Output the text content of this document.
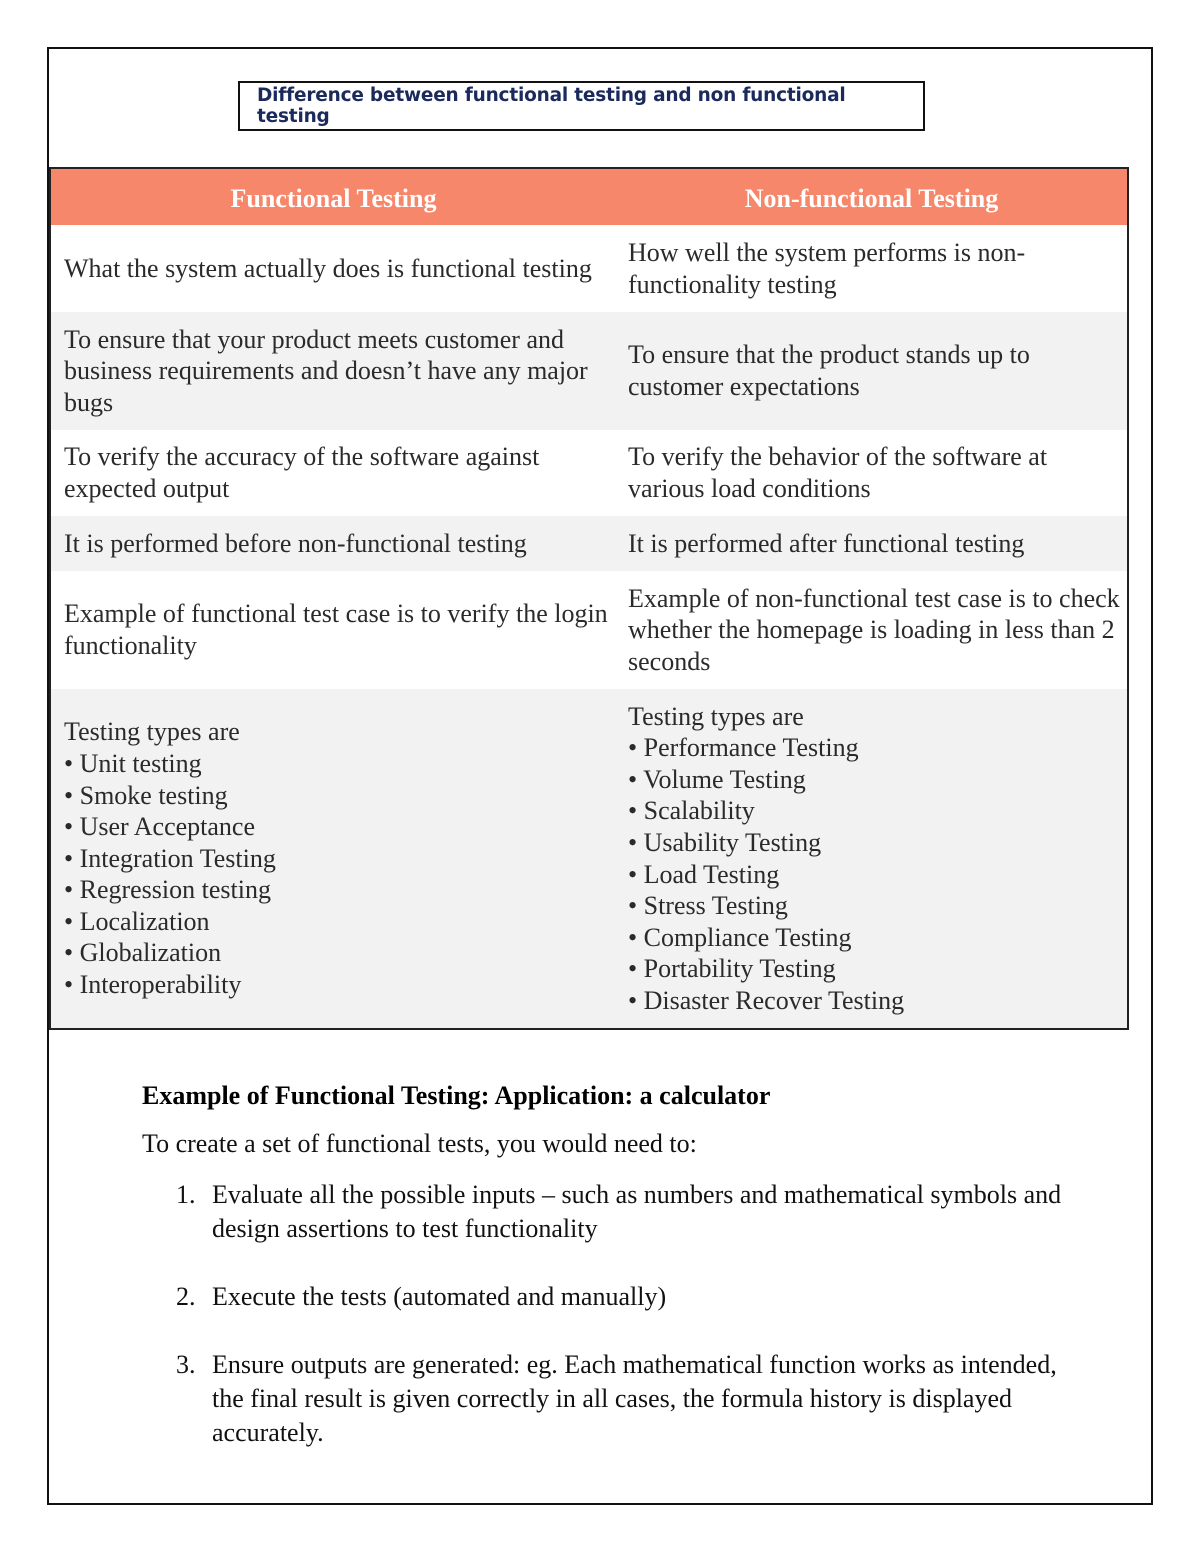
Difference between functional testing and non functional testing
Functional Testing	Non-functional Testing
What the system actually does is functional testing
How well the system performs is non-functionality testing
To ensure that your product meets customer and business requirements and doesn’t have any major bugs
To ensure that the product stands up to customer expectations
To verify the accuracy of the software against expected output
To verify the behavior of the software at various load conditions
It is performed before non-functional testing	It is performed after functional testing
Example of functional test case is to verify the login functionality
Example of non-functional test case is to check whether the homepage is loading in less than 2 seconds
Testing types are
• Unit testing
• Smoke testing
• User Acceptance
• Integration Testing
• Regression testing
• Localization
• Globalization
• Interoperability
Testing types are
• Performance Testing
• Volume Testing
• Scalability
• Usability Testing
• Load Testing
• Stress Testing
• Compliance Testing
• Portability Testing
• Disaster Recover Testing
Example of Functional Testing: Application: a calculator
To create a set of functional tests, you would need to:
1. Evaluate all the possible inputs – such as numbers and mathematical symbols and design assertions to test functionality
2. Execute the tests (automated and manually)
3. Ensure outputs are generated: eg. Each mathematical function works as intended, the final result is given correctly in all cases, the formula history is displayed accurately.
